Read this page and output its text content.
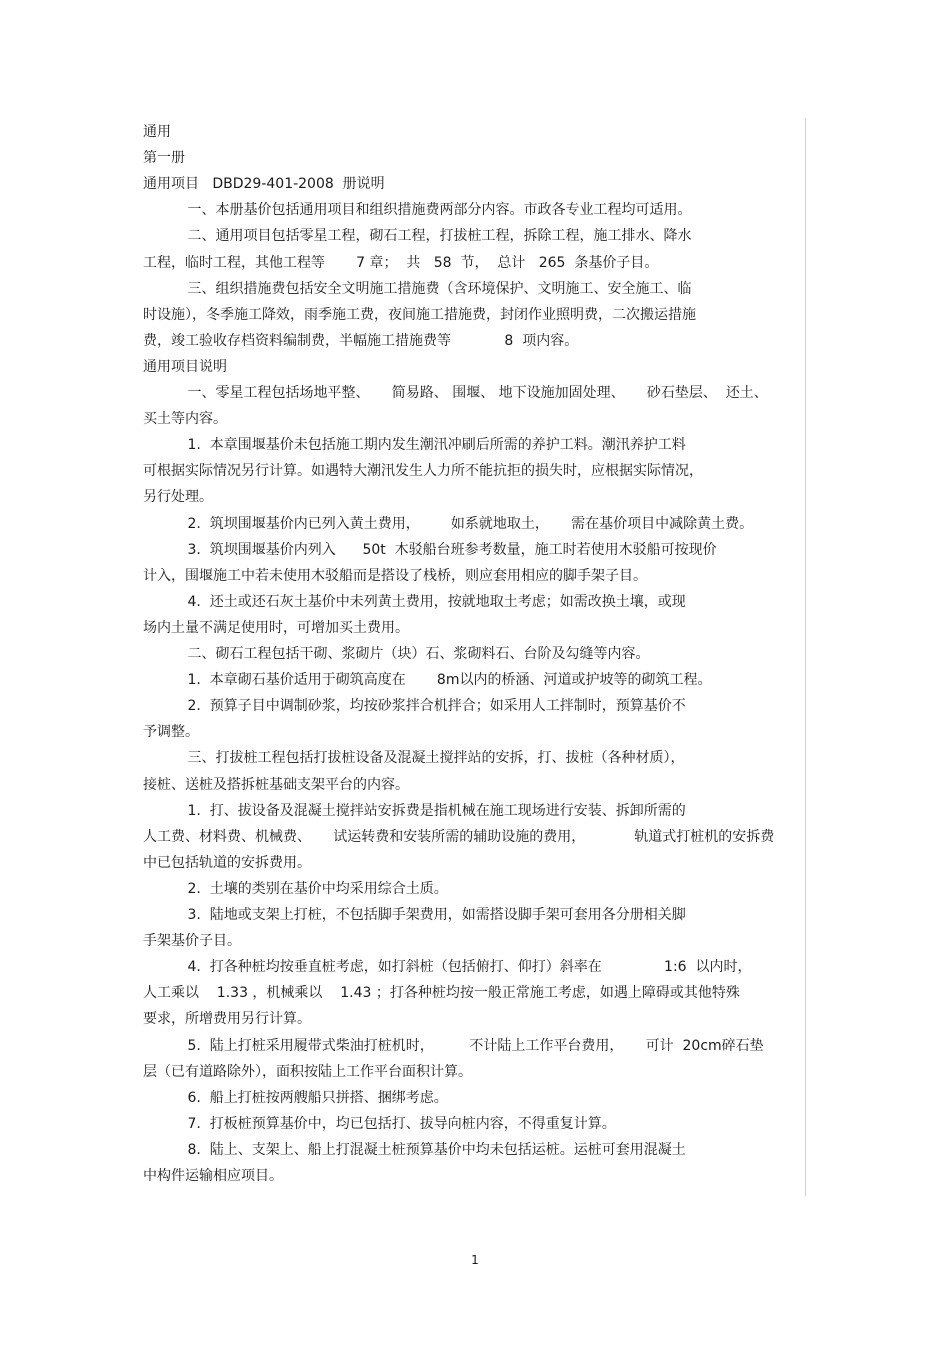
通用
第一册
通用项目   DBD29-401-2008  册说明
一、本册基价包括通用项目和组织措施费两部分内容。市政各专业工程均可适用。
二、通用项目包括零星工程，砌石工程，打拔桩工程，拆除工程，施工排水、降水
工程，临时工程，其他工程等       7 章；  共   58  节，  总计   265  条基价子目。
三、组织措施费包括安全文明施工措施费（含环境保护、文明施工、安全施工、临
时设施），冬季施工降效，雨季施工费，夜间施工措施费，封闭作业照明费，二次搬运措施
费，竣工验收存档资料编制费，半幅施工措施费等            8  项内容。
通用项目说明
一、零星工程包括场地平整、     简易路、 围堰、 地下设施加固处理、     砂石垫层、  还土、
买土等内容。
1.  本章围堰基价未包括施工期内发生潮汛冲刷后所需的养护工料。潮汛养护工料
可根据实际情况另行计算。如遇特大潮汛发生人力所不能抗拒的损失时，应根据实际情况，
另行处理。
2.  筑坝围堰基价内已列入黄土费用，       如系就地取土，     需在基价项目中减除黄土费。
3.  筑坝围堰基价内列入      50t  木驳船台班参考数量，施工时若使用木驳船可按现价
计入，围堰施工中若未使用木驳船而是搭设了栈桥，则应套用相应的脚手架子目。
4.  还土或还石灰土基价中未列黄土费用，按就地取土考虑；如需改换土壤，或现
场内土量不满足使用时，可增加买土费用。
二、砌石工程包括干砌、浆砌片（块）石、浆砌料石、台阶及勾缝等内容。
1.  本章砌石基价适用于砌筑高度在       8m以内的桥涵、河道或护坡等的砌筑工程。
2.  预算子目中调制砂浆，均按砂浆拌合机拌合；如采用人工拌制时，预算基价不
予调整。
三、打拔桩工程包括打拔桩设备及混凝土搅拌站的安拆，打、拔桩（各种材质），
接桩、送桩及搭拆桩基础支架平台的内容。
1.  打、拔设备及混凝土搅拌站安拆费是指机械在施工现场进行安装、拆卸所需的
人工费、材料费、机械费、     试运转费和安装所需的辅助设施的费用，           轨道式打桩机的安拆费
中已包括轨道的安拆费用。
2.  土壤的类别在基价中均采用综合土质。
3.  陆地或支架上打桩，不包括脚手架费用，如需搭设脚手架可套用各分册相关脚
手架基价子目。
4.  打各种桩均按垂直桩考虑，如打斜桩（包括俯打、仰打）斜率在              1:6  以内时，
人工乘以    1.33 ，机械乘以    1.43 ；打各种桩均按一般正常施工考虑，如遇上障碍或其他特殊
要求，所增费用另行计算。
5.  陆上打桩采用履带式柴油打桩机时，        不计陆上工作平台费用，     可计  20cm碎石垫
层（已有道路除外），面积按陆上工作平台面积计算。
6.  船上打桩按两艘船只拼搭、捆绑考虑。
7.  打板桩预算基价中，均已包括打、拔导向桩内容，不得重复计算。
8.  陆上、支架上、船上打混凝土桩预算基价中均未包括运桩。运桩可套用混凝土
中构件运输相应项目。
1
